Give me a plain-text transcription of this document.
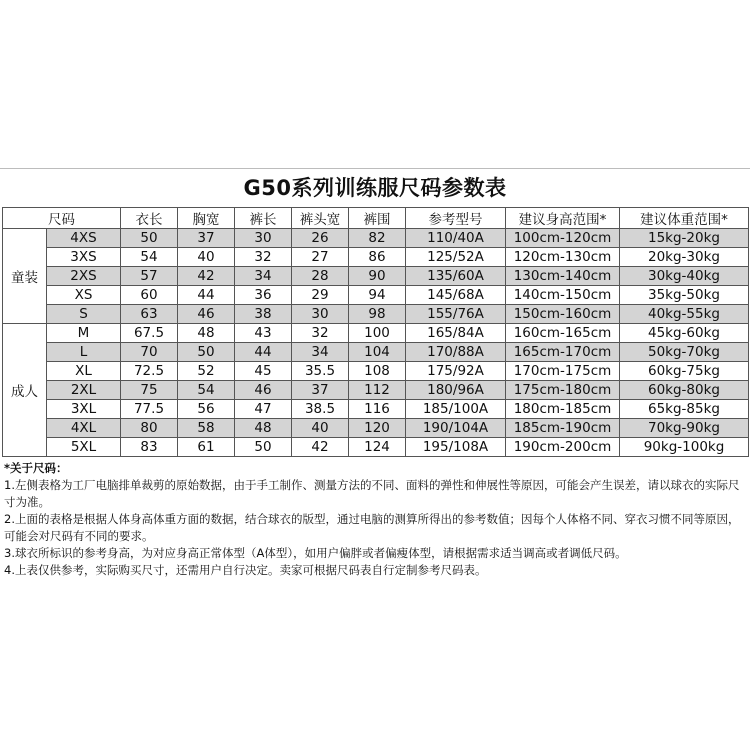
G50系列训练服尺码参数表
尺码		衣长	胸宽	裤长	裤头宽	裤围	参考型号	建议身高范围*	建议体重范围*
童装	4XS	50	37	30	26	82	110/40A	100cm-120cm	15kg-20kg
	3XS	54	40	32	27	86	125/52A	120cm-130cm	20kg-30kg
	2XS	57	42	34	28	90	135/60A	130cm-140cm	30kg-40kg
	XS	60	44	36	29	94	145/68A	140cm-150cm	35kg-50kg
	S	63	46	38	30	98	155/76A	150cm-160cm	40kg-55kg
成人	M	67.5	48	43	32	100	165/84A	160cm-165cm	45kg-60kg
	L	70	50	44	34	104	170/88A	165cm-170cm	50kg-70kg
	XL	72.5	52	45	35.5	108	175/92A	170cm-175cm	60kg-75kg
	2XL	75	54	46	37	112	180/96A	175cm-180cm	60kg-80kg
	3XL	77.5	56	47	38.5	116	185/100A	180cm-185cm	65kg-85kg
	4XL	80	58	48	40	120	190/104A	185cm-190cm	70kg-90kg
	5XL	83	61	50	42	124	195/108A	190cm-200cm	90kg-100kg
*关于尺码：
1.左侧表格为工厂电脑排单裁剪的原始数据，由于手工制作、测量方法的不同、面料的弹性和伸展性等原因，可能会产生误差，请以球衣的实际尺寸为准。
2.上面的表格是根据人体身高体重方面的数据，结合球衣的版型，通过电脑的测算所得出的参考数值；因每个人体格不同、穿衣习惯不同等原因，可能会对尺码有不同的要求。
3.球衣所标识的参考身高，为对应身高正常体型（A体型），如用户偏胖或者偏瘦体型，请根据需求适当调高或者调低尺码。
4.上表仅供参考，实际购买尺寸，还需用户自行决定。卖家可根据尺码表自行定制参考尺码表。
